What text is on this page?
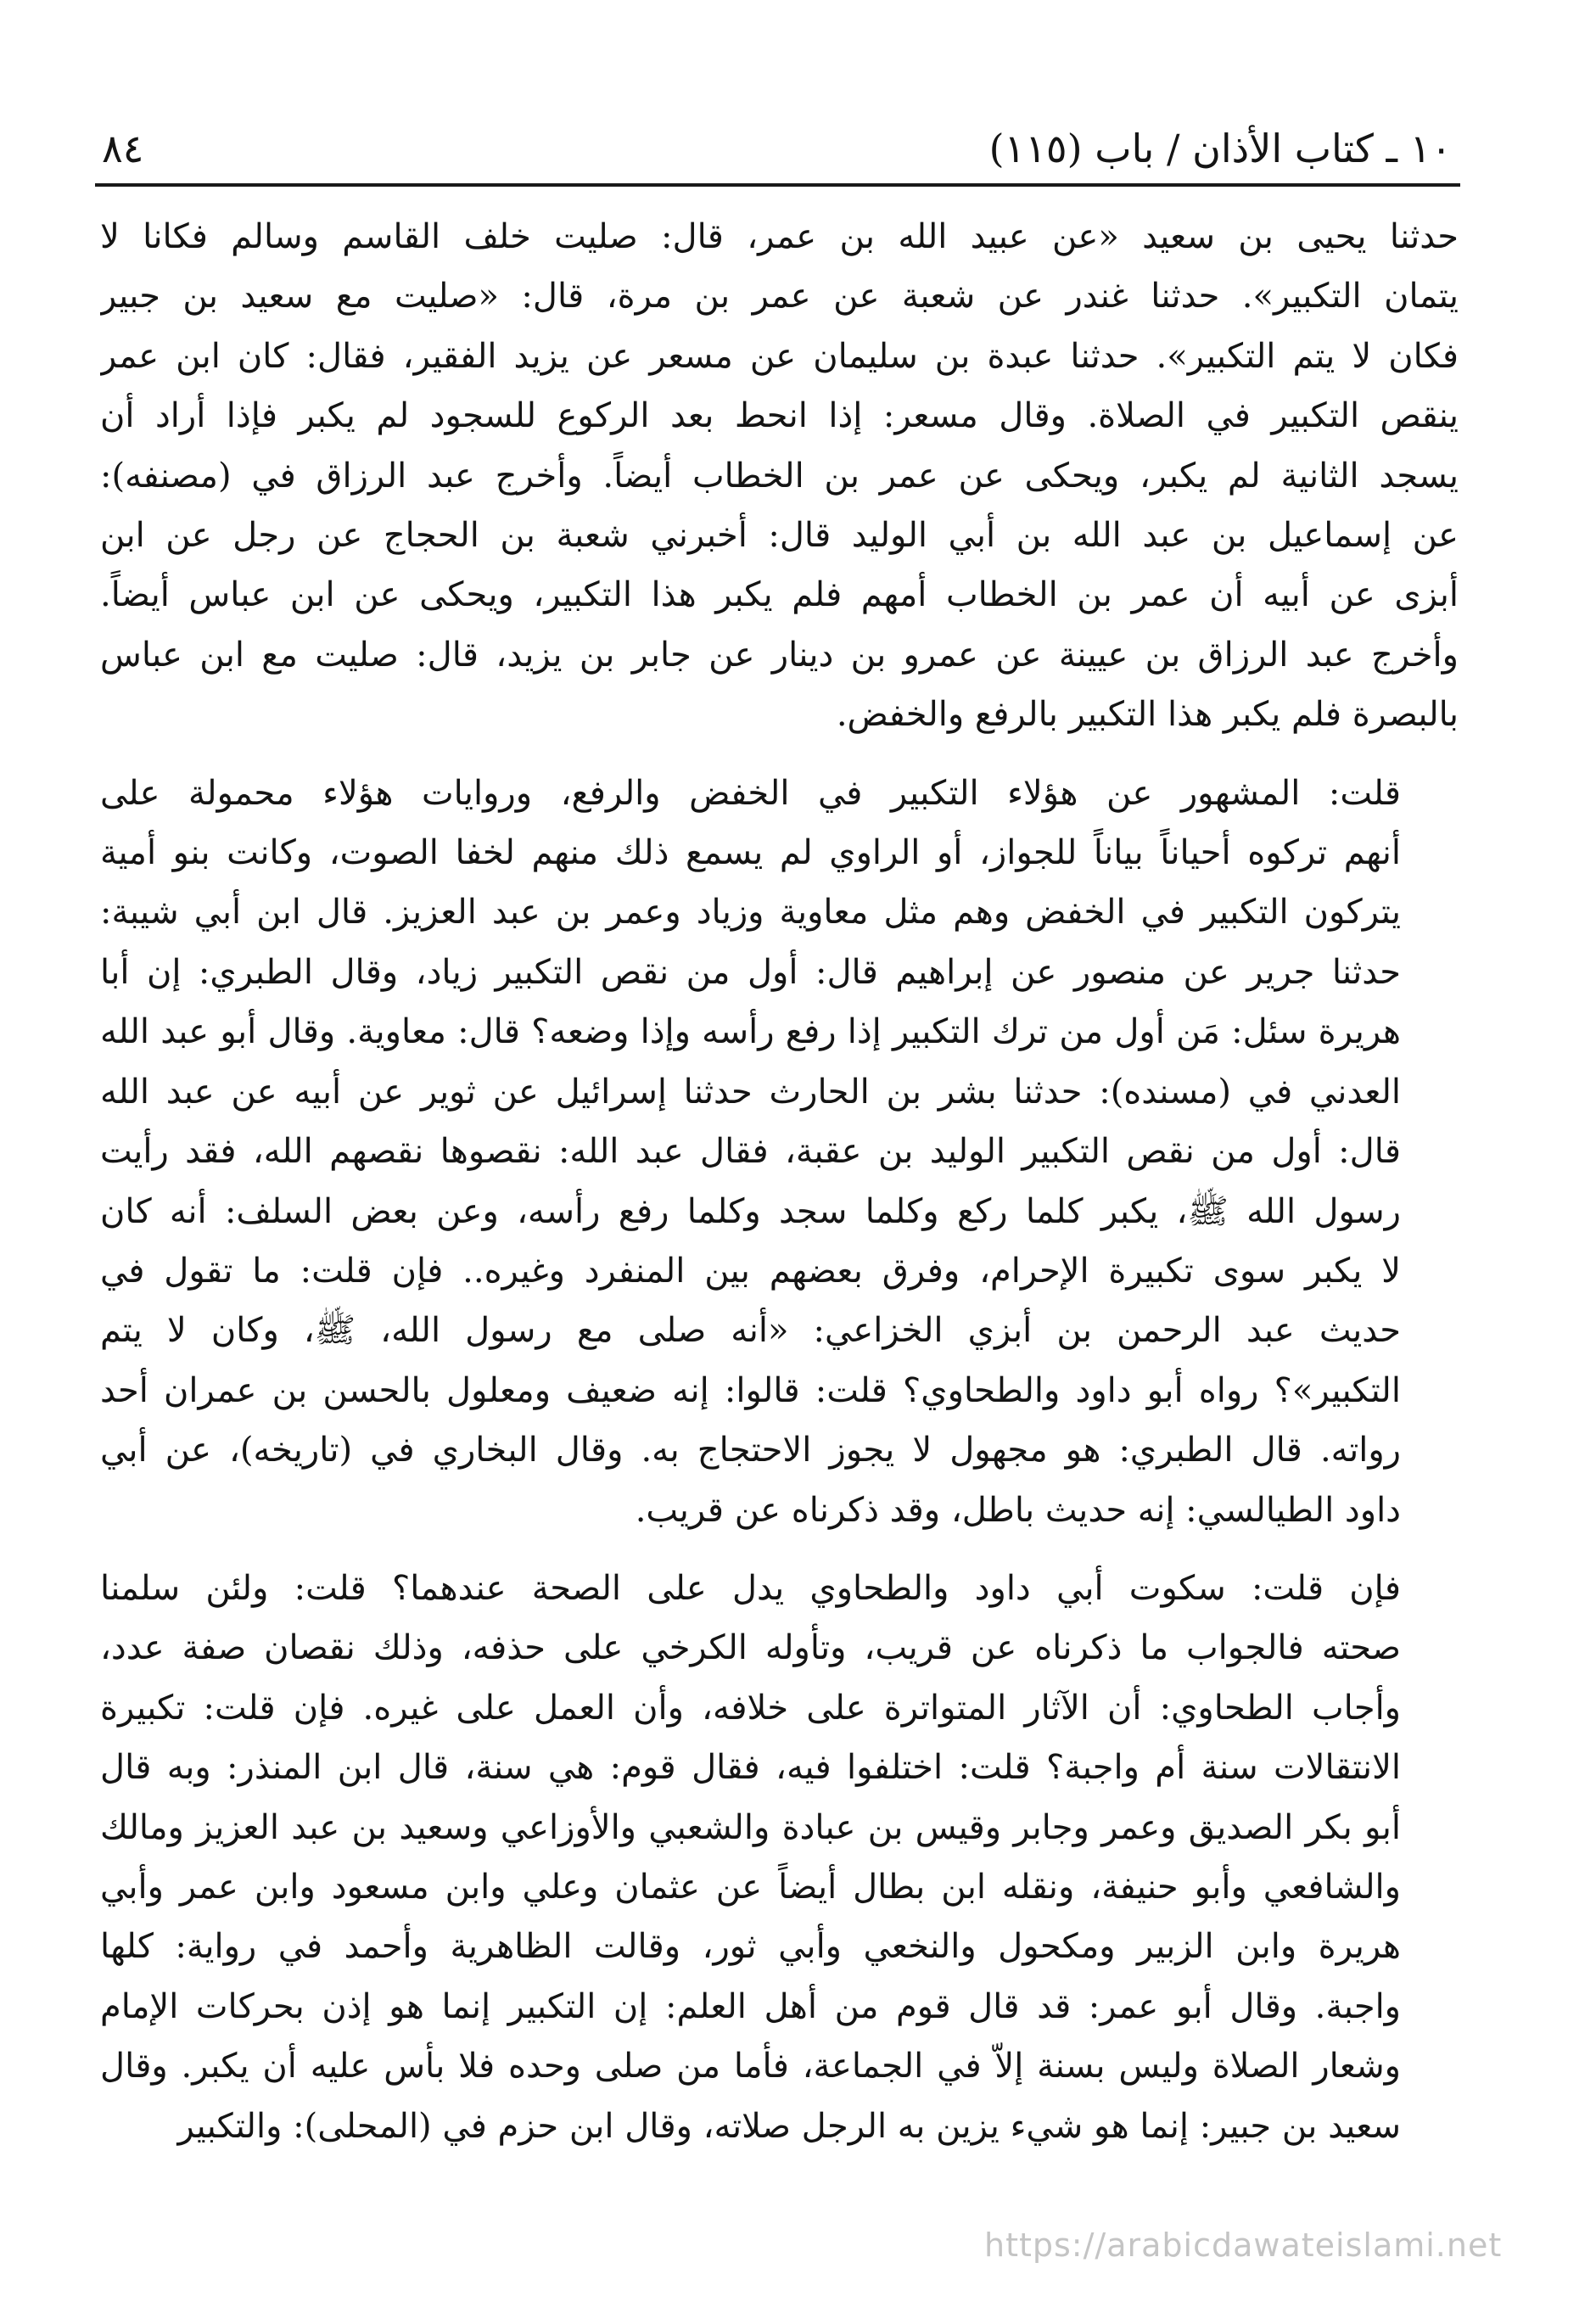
١٠ ـ كتاب الأذان / باب (١١٥)
٨٤
حدثنا يحيى بن سعيد «عن عبيد الله بن عمر، قال: صليت خلف القاسم وسالم فكانا لا
يتمان التكبير». حدثنا غندر عن شعبة عن عمر بن مرة، قال: «صليت مع سعيد بن جبير
فكان لا يتم التكبير». حدثنا عبدة بن سليمان عن مسعر عن يزيد الفقير، فقال: كان ابن عمر
ينقص التكبير في الصلاة. وقال مسعر: إذا انحط بعد الركوع للسجود لم يكبر فإذا أراد أن
يسجد الثانية لم يكبر، ويحكى عن عمر بن الخطاب أيضاً. وأخرج عبد الرزاق في (مصنفه):
عن إسماعيل بن عبد الله بن أبي الوليد قال: أخبرني شعبة بن الحجاج عن رجل عن ابن
أبزى عن أبيه أن عمر بن الخطاب أمهم فلم يكبر هذا التكبير، ويحكى عن ابن عباس أيضاً.
وأخرج عبد الرزاق بن عيينة عن عمرو بن دينار عن جابر بن يزيد، قال: صليت مع ابن عباس
بالبصرة فلم يكبر هذا التكبير بالرفع والخفض.
قلت: المشهور عن هؤلاء التكبير في الخفض والرفع، وروايات هؤلاء محمولة على
أنهم تركوه أحياناً بياناً للجواز، أو الراوي لم يسمع ذلك منهم لخفا الصوت، وكانت بنو أمية
يتركون التكبير في الخفض وهم مثل معاوية وزياد وعمر بن عبد العزيز. قال ابن أبي شيبة:
حدثنا جرير عن منصور عن إبراهيم قال: أول من نقص التكبير زياد، وقال الطبري: إن أبا
هريرة سئل: مَن أول من ترك التكبير إذا رفع رأسه وإذا وضعه؟ قال: معاوية. وقال أبو عبد الله
العدني في (مسنده): حدثنا بشر بن الحارث حدثنا إسرائيل عن ثوير عن أبيه عن عبد الله
قال: أول من نقص التكبير الوليد بن عقبة، فقال عبد الله: نقصوها نقصهم الله، فقد رأيت
رسول الله ﷺ، يكبر كلما ركع وكلما سجد وكلما رفع رأسه، وعن بعض السلف: أنه كان
لا يكبر سوى تكبيرة الإحرام، وفرق بعضهم بين المنفرد وغيره.. فإن قلت: ما تقول في
حديث عبد الرحمن بن أبزي الخزاعي: «أنه صلى مع رسول الله، ﷺ، وكان لا يتم
التكبير»؟ رواه أبو داود والطحاوي؟ قلت: قالوا: إنه ضعيف ومعلول بالحسن بن عمران أحد
رواته. قال الطبري: هو مجهول لا يجوز الاحتجاج به. وقال البخاري في (تاريخه)، عن أبي
داود الطيالسي: إنه حديث باطل، وقد ذكرناه عن قريب.
فإن قلت: سكوت أبي داود والطحاوي يدل على الصحة عندهما؟ قلت: ولئن سلمنا
صحته فالجواب ما ذكرناه عن قريب، وتأوله الكرخي على حذفه، وذلك نقصان صفة عدد،
وأجاب الطحاوي: أن الآثار المتواترة على خلافه، وأن العمل على غيره. فإن قلت: تكبيرة
الانتقالات سنة أم واجبة؟ قلت: اختلفوا فيه، فقال قوم: هي سنة، قال ابن المنذر: وبه قال
أبو بكر الصديق وعمر وجابر وقيس بن عبادة والشعبي والأوزاعي وسعيد بن عبد العزيز ومالك
والشافعي وأبو حنيفة، ونقله ابن بطال أيضاً عن عثمان وعلي وابن مسعود وابن عمر وأبي
هريرة وابن الزبير ومكحول والنخعي وأبي ثور، وقالت الظاهرية وأحمد في رواية: كلها
واجبة. وقال أبو عمر: قد قال قوم من أهل العلم: إن التكبير إنما هو إذن بحركات الإمام
وشعار الصلاة وليس بسنة إلاّ في الجماعة، فأما من صلى وحده فلا بأس عليه أن يكبر. وقال
سعيد بن جبير: إنما هو شيء يزين به الرجل صلاته، وقال ابن حزم في (المحلى): والتكبير
https://arabicdawateislami.net
